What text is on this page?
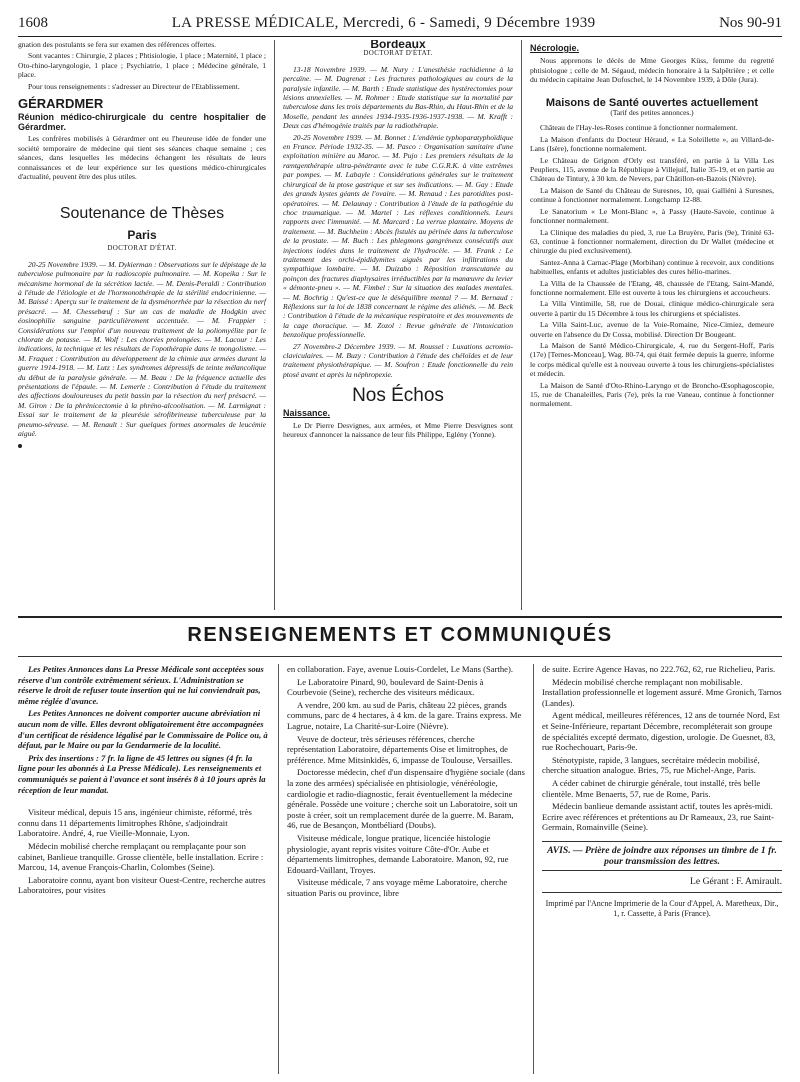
1608	LA PRESSE MÉDICALE, Mercredi, 6 - Samedi, 9 Décembre 1939	Nos 90-91

gnation des postulants se fera sur examen des références offertes.

Sont vacantes : Chirurgie, 2 places ; Phtisiologie, 1 place ; Maternité, 1 place ; Oto-rhino-laryngologie, 1 place ; Psychiatrie, 1 place ; Médecine générale, 1 place.

Pour tous renseignements : s'adresser au Directeur de l'Etablissement.

GÉRARDMER
Réunion médico-chirurgicale du centre hospitalier de Gérardmer.

Les confrères mobilisés à Gérardmer ont eu l'heureuse idée de fonder une société temporaire de médecine qui tient ses séances chaque semaine ; ces séances, dans lesquelles les médecins échangent les résultats de leurs connaissances et de leur expérience sur les questions médico-chirurgicales d'actualité, peuvent être des plus utiles.

Soutenance de Thèses
Paris
DOCTORAT D'ÉTAT.

20-25 Novembre 1939. — M. Dykierman : Observations sur le dépistage de la tuberculose pulmonaire par la radioscopie pulmonaire. — M. Kopeika : Sur le mécanisme hormonal de la sécrétion lactée. — M. Denis-Peraldi : Contribution à l'étude de l'étiologie et de l'hormonothérapie de la stérilité endocrinienne. — M. Baissé : Aperçu sur le traitement de la dysménorrhée par la résection du nerf présacré. — M. Chessebœuf : Sur un cas de maladie de Hodgkin avec éosinophilie sanguine particulièrement accentuée. — M. Frappier : Considérations sur l'emploi d'un nouveau traitement de la poliomyélite par le chlorate de potasse. — M. Wolf : Les chorées prolongées. — M. Lacour : Les indications, la technique et les résultats de l'opothérapie dans le mongolisme. — M. Fraquet : Contribution au développement de la chimie aux armées durant la guerre 1914-1918. — M. Lutz : Les syndromes dépressifs de teinte mélancolique du début de la paralysie générale. — M. Beau : De la fréquence actuelle des présentations de l'épaule. — M. Lemerle : Contribution à l'étude du traitement des affections douloureuses du petit bassin par la résection du nerf présacré. — M. Giron : De la phrénicectomie à la phréno-alcoolisation. — M. Larmignat : Essai sur le traitement de la pleurésie sérofibrineuse tuberculeuse par la pneumo-séreuse. — M. Renault : Sur quelques formes anormales de leucémie aiguë.

Bordeaux
DOCTORAT D'ÉTAT.

13-18 Novembre 1939. — M. Nury : L'anesthésie rachidienne à la percaïne. — M. Dagrenat : Les fractures pathologiques au cours de la paralysie infantile. — M. Barth : Etude statistique des hystérectomies pour lésions annexielles. — M. Rohmer : Etude statistique sur la mortalité par tuberculose dans les trois départements du Bas-Rhin, du Haut-Rhin et de la Moselle, pendant les années 1934-1935-1936-1937-1938. — M. Krafft : Deux cas d'hémogénie traités par la radiothérapie.

20-25 Novembre 1939. — M. Bonnet : L'endémie typhoparatyphoïdique en France. Période 1932-35. — M. Pasco : Organisation sanitaire d'une exploitation minière au Maroc. — M. Pujo : Les premiers résultats de la ræntgenthérapie ultra-pénétrante avec le tube C.G.R.K. à vitte extrêmes par pompes. — M. Labayle : Considérations générales sur le traitement chirurgical de la ptose gastrique et sur ses indications. — M. Gay : Etude des grands kystes géants de l'ovaire. — M. Renaud : Les parotidites post-opératoires. — M. Delaunay : Contribution à l'étude de la pathogénie du choc traumatique. — M. Martel : Les réflexes conditionnels. Leurs rapports avec l'immunité. — M. Marcard : La verrue plantaire. Moyens de traitement. — M. Buchheim : Abcès fistulés au périnée dans la tuberculose de la prostate. — M. Buch : Les phlegmons gangréneux consécutifs aux injections iodées dans le traitement de l'hydrocèle. — M. Frank : Le traitement des orchi-épididymites aiguës par les infiltrations du sympathique lombaire. — M. Duizabo : Réposition transcutanée au poinçon des fractures diaphysaires irréductibles par la manœuvre du levier « démonte-pneu ». — M. Fimbel : Sur la situation des malades mentales. — M. Bochrig : Qu'est-ce que le déséquilibre mental ? — M. Bernaud : Réflexions sur la loi de 1838 concernant le régime des aliénés. — M. Beck : Contribution à l'étude de la mécanique respiratoire et des mouvements de la cage thoracique. — M. Zozol : Revue générale de l'intoxication benzolique professionnelle.

27 Novembre-2 Décembre 1939. — M. Roussel : Luxations acromio-claviculaires. — M. Buzy : Contribution à l'étude des chéloïdes et de leur traitement physiothérapique. — M. Soufron : Etude fonctionnelle du rein ptosé avant et après la néphropexie.

Nos Échos
Naissance.

Le Dr Pierre Desvignes, aux armées, et Mme Pierre Desvignes sont heureux d'annoncer la naissance de leur fils Philippe, Eglény (Yonne).

Nécrologie.

Nous apprenons le décès de Mme Georges Küss, femme du regretté phtisiologue ; celle de M. Ségaud, médecin honoraire à la Salpêtrière ; et celle du médecin capitaine Jean Dufoschel, le 14 Novembre 1939, à Dôle (Jura).

Maisons de Santé ouvertes actuellement
(Tarif des petites annonces.)

Château de l'Hay-les-Roses continue à fonctionner normalement.

La Maison d'enfants du Docteur Héraud, « La Soleillette », au Villard-de-Lans (Isère), fonctionne normalement.

Le Château de Grignon d'Orly est transféré, en partie à la Villa Les Peupliers, 115, avenue de la République à Villejuif, Italie 35-19, et en partie au Château de Tintury, à 30 km. de Nevers, par Châtillon-en-Bazois (Nièvre).

La Maison de Santé du Château de Suresnes, 10, quai Galliéni à Suresnes, continue à fonctionner normalement. Longchamp 12-88.

Le Sanatorium « Le Mont-Blanc », à Passy (Haute-Savoie, continue à fonctionner normalement.

La Clinique des maladies du pied, 3, rue La Bruyère, Paris (9e), Trinité 63-63, continue à fonctionner normalement, direction du Dr Wallet (médecine et chirurgie du pied exclusivement).

Santez-Anna à Carnac-Plage (Morbihan) continue à recevoir, aux conditions habituelles, enfants et adultes justiciables des cures hélio-marines.

La Villa de la Chaussée de l'Etang, 48, chaussée de l'Etang, Saint-Mandé, fonctionne normalement. Elle est ouverte à tous les chirurgiens et accoucheurs.

La Villa Vintimille, 58, rue de Douai, clinique médico-chirurgicale sera ouverte à partir du 15 Décembre à tous les chirurgiens et spécialistes.

La Villa Saint-Luc, avenue de la Voie-Romaine, Nice-Cimiez, demeure ouverte en l'absence du Dr Cossa, mobilisé. Direction Dr Bougeant.

La Maison de Santé Médico-Chirurgicale, 4, rue du Sergent-Hoff, Paris (17e) [Ternes-Monceau], Wag. 80-74, qui était fermée depuis la guerre, informe le corps médical qu'elle est à nouveau ouverte à tous les chirurgiens-spécialistes et médecin.

La Maison de Santé d'Oto-Rhino-Laryngo et de Broncho-Œsophagoscopie, 15, rue de Chanaleilles, Paris (7e), près la rue Vaneau, continue à fonctionner normalement.

RENSEIGNEMENTS ET COMMUNIQUÉS

Les Petites Annonces dans La Presse Médicale sont acceptées sous réserve d'un contrôle extrêmement sérieux. L'Administration se réserve le droit de refuser toute insertion qui ne lui conviendrait pas, même réglée d'avance.

Les Petites Annonces ne doivent comporter aucune abréviation ni aucun nom de ville. Elles devront obligatoirement être accompagnées d'un certificat de résidence légalisé par le Commissaire de Police ou, à défaut, par le Maire ou par la Gendarmerie de la localité.

Prix des insertions : 7 fr. la ligne de 45 lettres ou signes (4 fr. la ligne pour les abonnés à La Presse Médicale). Les renseignements et communiqués se paient à l'avance et sont insérés 8 à 10 jours après la réception de leur mandat.

Visiteur médical, depuis 15 ans, ingénieur chimiste, réformé, très connu dans 11 départements limitrophes Rhône, s'adjoindrait Laboratoire. André, 4, rue Vieille-Monnaie, Lyon.

Médecin mobilisé cherche remplaçant ou remplaçante pour son cabinet, Banlieue tranquille. Grosse clientèle, belle installation. Ecrire : Marcou, 14, avenue François-Charlin, Colombes (Seine).

Laboratoire connu, ayant bon visiteur Ouest-Centre, recherche autres Laboratoires, pour visites

en collaboration. Faye, avenue Louis-Cordelet, Le Mans (Sarthe).

Le Laboratoire Pinard, 90, boulevard de Saint-Denis à Courbevoie (Seine), recherche des visiteurs médicaux.

A vendre, 200 km. au sud de Paris, château 22 pièces, grands communs, parc de 4 hectares, à 4 km. de la gare. Trains express. Me Lagrue, notaire, La Charité-sur-Loire (Nièvre).

Veuve de docteur, très sérieuses références, cherche représentation Laboratoire, départements Oise et limitrophes, de préférence. Mme Mitsinkidès, 6, impasse de Toulouse, Versailles.

Doctoresse médecin, chef d'un dispensaire d'hygiène sociale (dans la zone des armées) spécialisée en phtisiologie, vénéréologie, cardiologie et radio-diagnostic, ferait éventuellement la médecine générale. Possède une voiture ; cherche soit un Laboratoire, soit un poste à créer, soit un remplacement durée de la guerre. M. Baram, 46, rue de Besançon, Montbéliard (Doubs).

Visiteuse médicale, longue pratique, licenciée histologie physiologie, ayant repris visites voiture Côte-d'Or. Aube et départements limitrophes, demande Laboratoire. Manon, 92, rue Edouard-Vaillant, Troyes.

Visiteuse médicale, 7 ans voyage même Laboratoire, cherche situation Paris ou province, libre

de suite. Ecrire Agence Havas, no 222.762, 62, rue Richelieu, Paris.

Médecin mobilisé cherche remplaçant non mobilisable. Installation professionnelle et logement assuré. Mme Gronich, Tarnos (Landes).

Agent médical, meilleures références, 12 ans de tournée Nord, Est et Seine-Inférieure, repartant Décembre, recompléterait son groupe de spécialités excepté dermato, digestion, urologie. De Guesnet, 83, rue Rochechouart, Paris-9e.

Sténotypiste, rapide, 3 langues, secrétaire médecin mobilisé, cherche situation analogue. Bries, 75, rue Michel-Ange, Paris.

A céder cabinet de chirurgie générale, tout installé, très belle clientèle. Mme Benaerts, 57, rue de Rome, Paris.

Médecin banlieue demande assistant actif, toutes les après-midi. Ecrire avec références et prétentions au Dr Rameaux, 23, rue Saint-Germain, Romainville (Seine).

AVIS. — Prière de joindre aux réponses un timbre de 1 fr. pour transmission des lettres.
Le Gérant : F. Amirault.
Imprimé par l'Ancne Imprimerie de la Cour d'Appel, A. Maretheux, Dir., 1, r. Cassette, à Paris (France).
